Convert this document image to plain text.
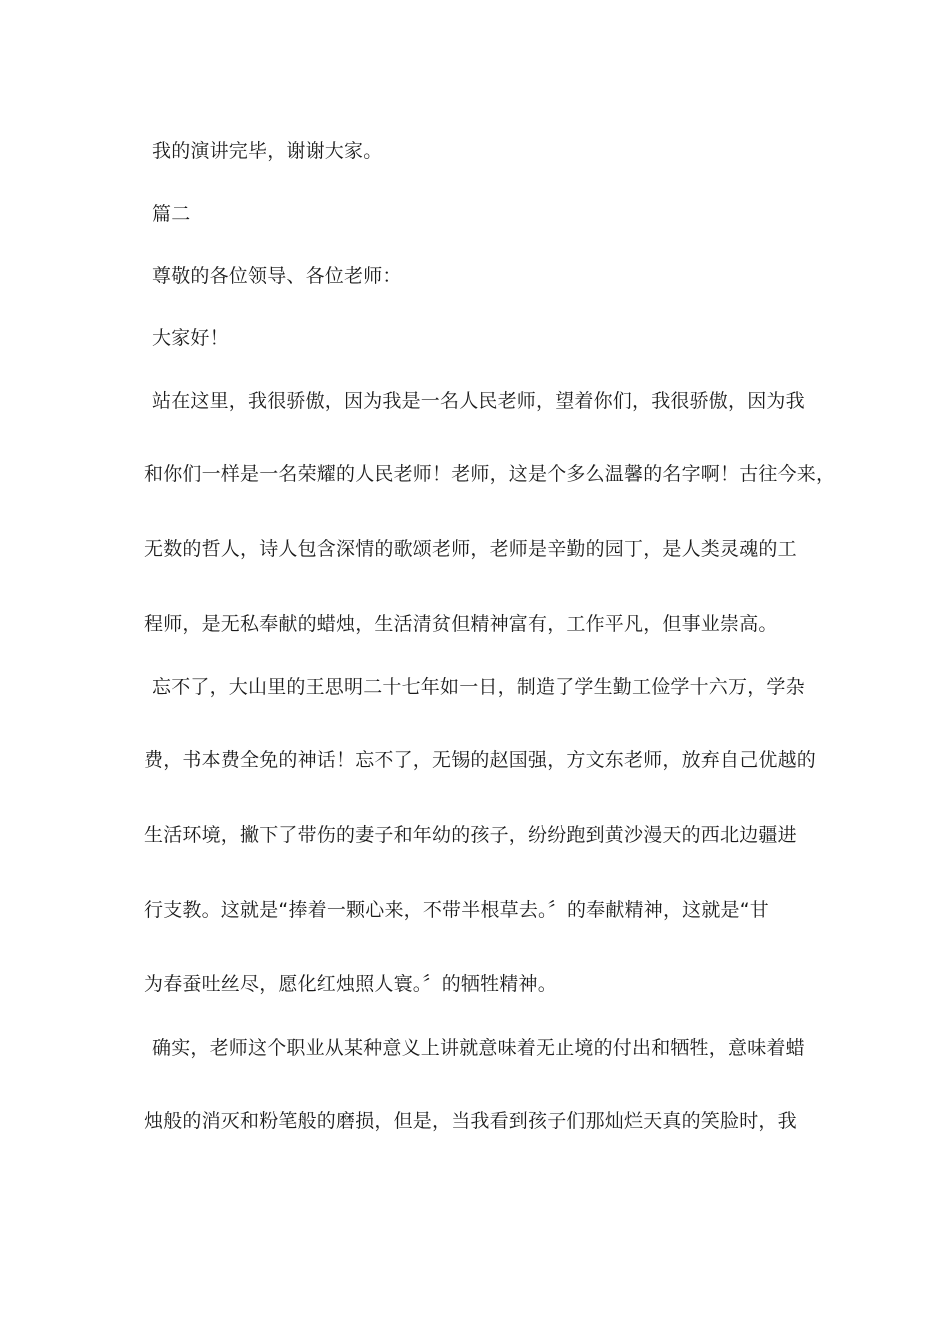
我的演讲完毕，谢谢大家。
篇二
尊敬的各位领导、各位老师：
大家好！
站在这里，我很骄傲，因为我是一名人民老师，望着你们，我很骄傲，因为我
和你们一样是一名荣耀的人民老师！老师，这是个多么温馨的名字啊！古往今来，
无数的哲人，诗人包含深情的歌颂老师，老师是辛勤的园丁，是人类灵魂的工
程师，是无私奉献的蜡烛，生活清贫但精神富有，工作平凡，但事业崇高。
忘不了，大山里的王思明二十七年如一日，制造了学生勤工俭学十六万，学杂
费，书本费全免的神话！忘不了，无锡的赵国强，方文东老师，放弃自己优越的
生活环境，撇下了带伤的妻子和年幼的孩子，纷纷跑到黄沙漫天的西北边疆进
行支教。这就是“捧着一颗心来，不带半根草去。〞的奉献精神，这就是“甘
为春蚕吐丝尽，愿化红烛照人寰。〞的牺牲精神。
确实，老师这个职业从某种意义上讲就意味着无止境的付出和牺牲，意味着蜡
烛般的消灭和粉笔般的磨损，但是，当我看到孩子们那灿烂天真的笑脸时，我
